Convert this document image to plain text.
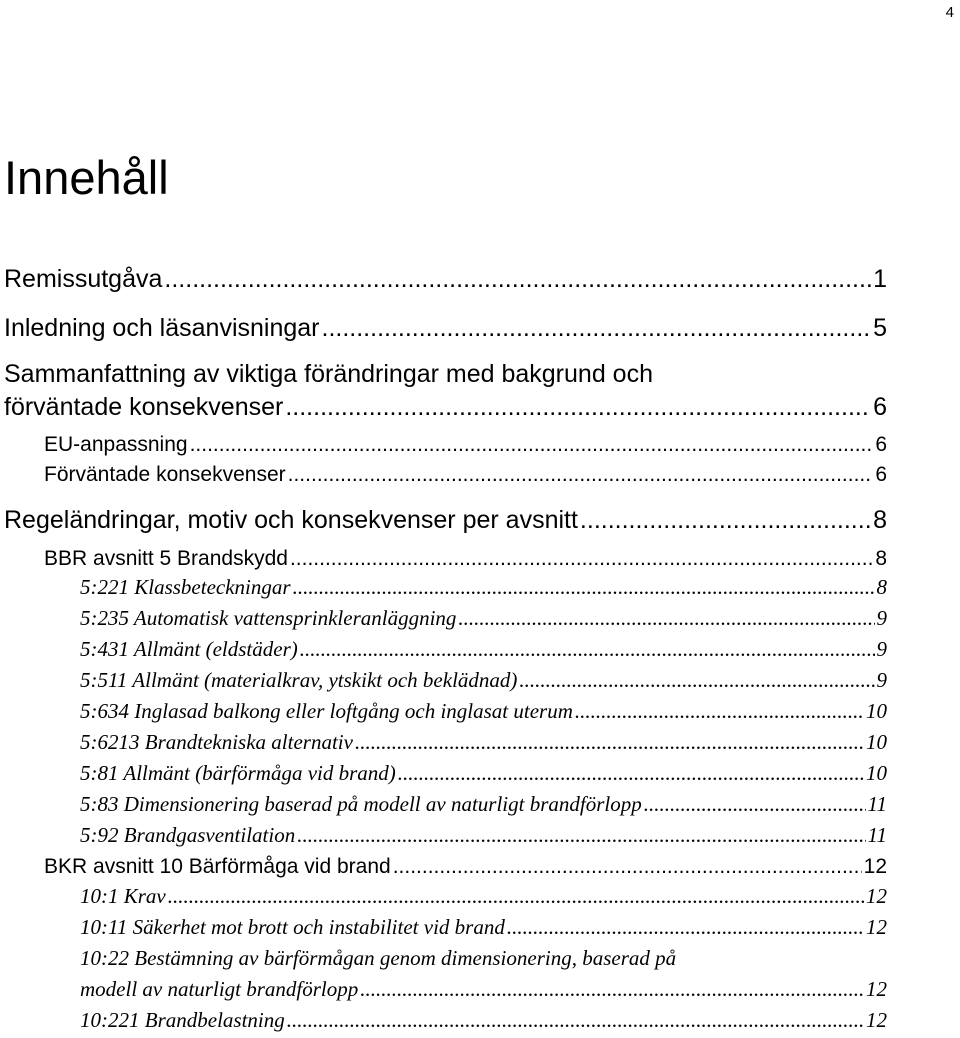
4
Innehåll
Remissutgåva .....	1
Inledning och läsanvisningar .....	5
Sammanfattning av viktiga förändringar med bakgrund och
förväntade konsekvenser .....	6
EU-anpassning .....	6
Förväntade konsekvenser .....	6
Regeländringar, motiv och konsekvenser per avsnitt .....	8
BBR avsnitt 5 Brandskydd .....	8
5:221 Klassbeteckningar .....	8
5:235 Automatisk vattensprinkleranläggning .....	9
5:431 Allmänt (eldstäder) .....	9
5:511 Allmänt (materialkrav, ytskikt och beklädnad) .....	9
5:634 Inglasad balkong eller loftgång och inglasat uterum .....	10
5:6213 Brandtekniska alternativ .....	10
5:81 Allmänt (bärförmåga vid brand) .....	10
5:83 Dimensionering baserad på modell av naturligt brandförlopp .....	11
5:92 Brandgasventilation .....	11
BKR avsnitt 10 Bärförmåga vid brand .....	12
10:1 Krav .....	12
10:11 Säkerhet mot brott och instabilitet vid brand .....	12
10:22 Bestämning av bärförmågan genom dimensionering, baserad på
modell av naturligt brandförlopp .....	12
10:221 Brandbelastning .....	12
